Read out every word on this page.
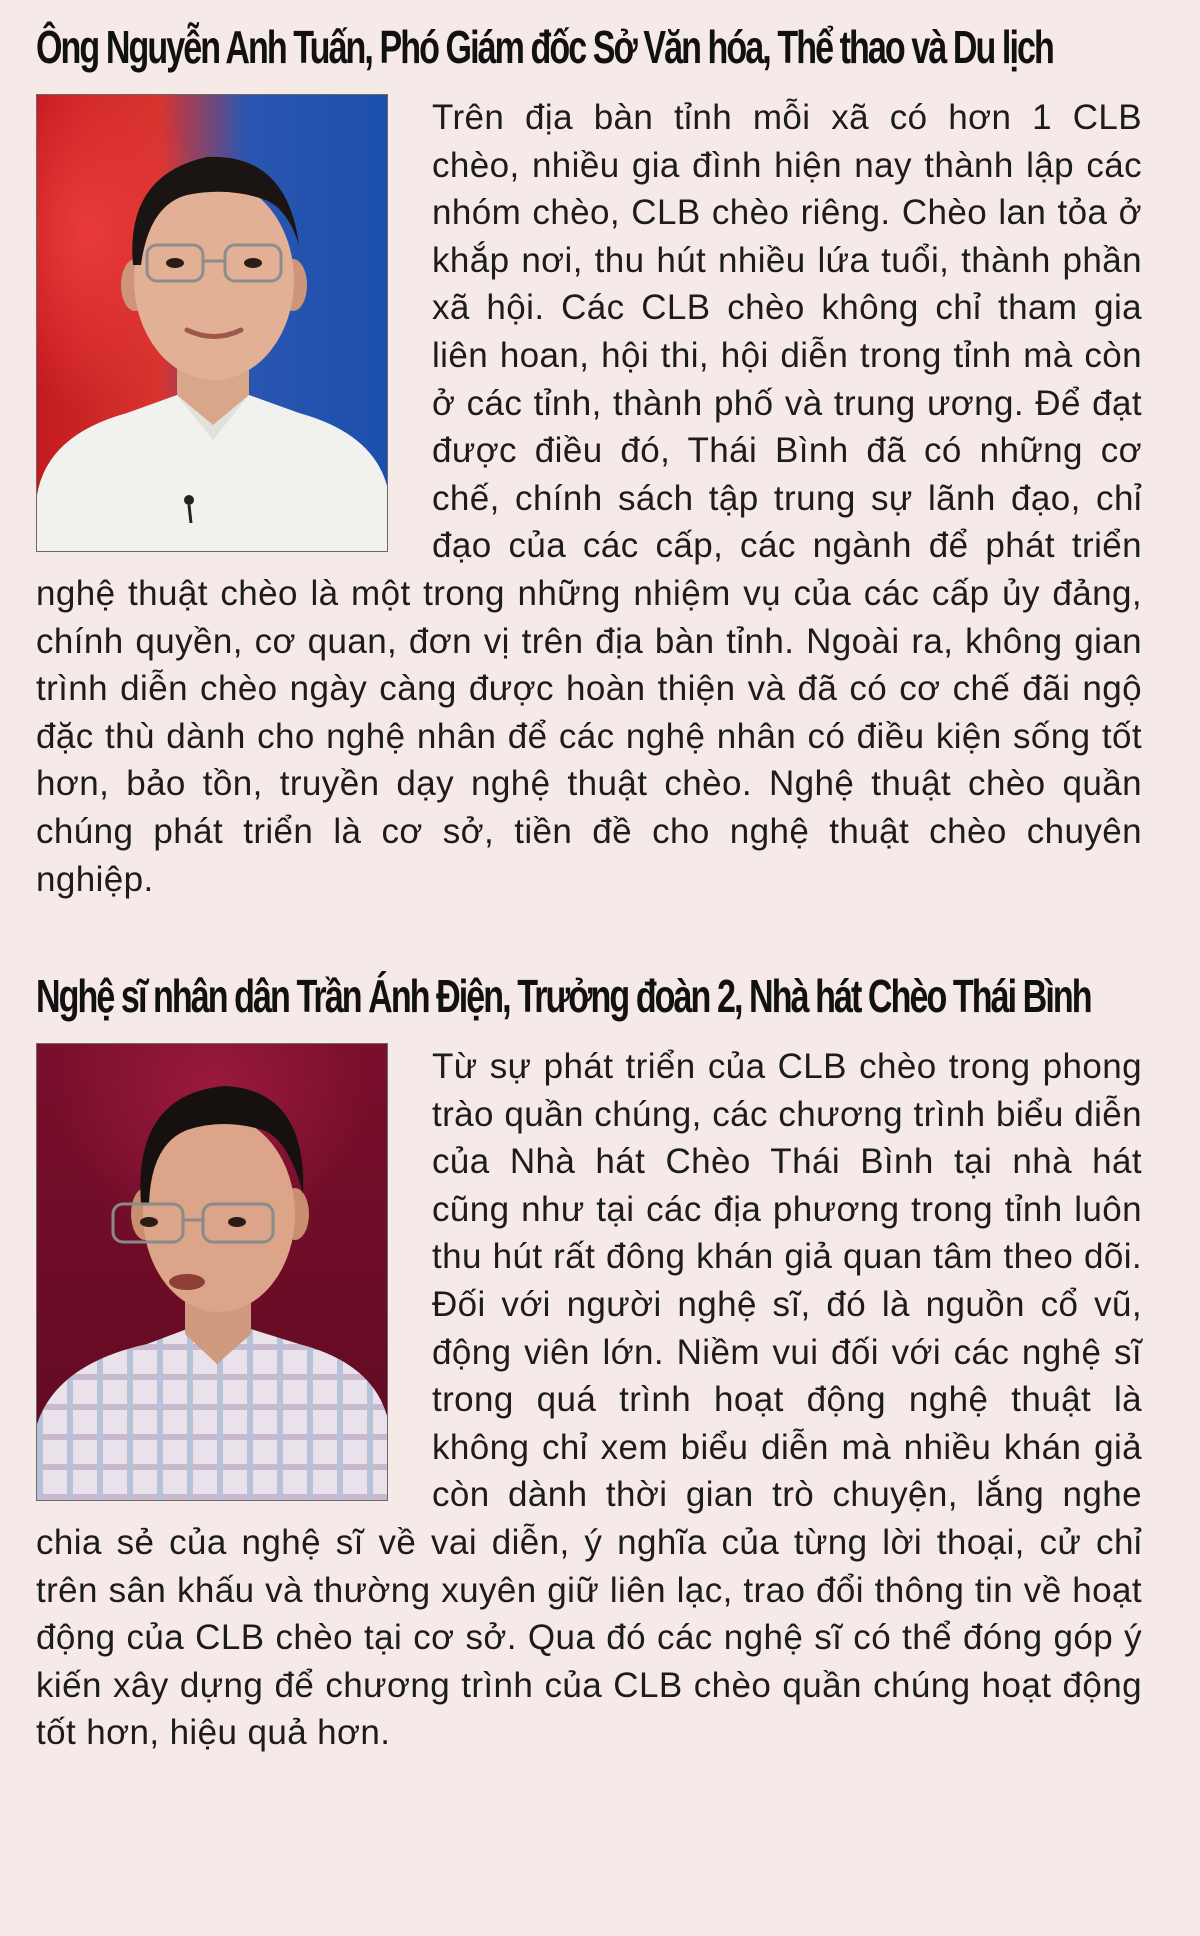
Ông Nguyễn Anh Tuấn, Phó Giám đốc Sở Văn hóa, Thể thao và Du lịch

Trên địa bàn tỉnh mỗi xã có hơn 1 CLB chèo, nhiều gia đình hiện nay thành lập các nhóm chèo, CLB chèo riêng. Chèo lan tỏa ở khắp nơi, thu hút nhiều lứa tuổi, thành phần xã hội. Các CLB chèo không chỉ tham gia liên hoan, hội thi, hội diễn trong tỉnh mà còn ở các tỉnh, thành phố và trung ương. Để đạt được điều đó, Thái Bình đã có những cơ chế, chính sách tập trung sự lãnh đạo, chỉ đạo của các cấp, các ngành để phát triển nghệ thuật chèo là một trong những nhiệm vụ của các cấp ủy đảng, chính quyền, cơ quan, đơn vị trên địa bàn tỉnh. Ngoài ra, không gian trình diễn chèo ngày càng được hoàn thiện và đã có cơ chế đãi ngộ đặc thù dành cho nghệ nhân để các nghệ nhân có điều kiện sống tốt hơn, bảo tồn, truyền dạy nghệ thuật chèo. Nghệ thuật chèo quần chúng phát triển là cơ sở, tiền đề cho nghệ thuật chèo chuyên nghiệp.

Nghệ sĩ nhân dân Trần Ánh Điện, Trưởng đoàn 2, Nhà hát Chèo Thái Bình

Từ sự phát triển của CLB chèo trong phong trào quần chúng, các chương trình biểu diễn của Nhà hát Chèo Thái Bình tại nhà hát cũng như tại các địa phương trong tỉnh luôn thu hút rất đông khán giả quan tâm theo dõi. Đối với người nghệ sĩ, đó là nguồn cổ vũ, động viên lớn. Niềm vui đối với các nghệ sĩ trong quá trình hoạt động nghệ thuật là không chỉ xem biểu diễn mà nhiều khán giả còn dành thời gian trò chuyện, lắng nghe chia sẻ của nghệ sĩ về vai diễn, ý nghĩa của từng lời thoại, cử chỉ trên sân khấu và thường xuyên giữ liên lạc, trao đổi thông tin về hoạt động của CLB chèo tại cơ sở. Qua đó các nghệ sĩ có thể đóng góp ý kiến xây dựng để chương trình của CLB chèo quần chúng hoạt động tốt hơn, hiệu quả hơn.
